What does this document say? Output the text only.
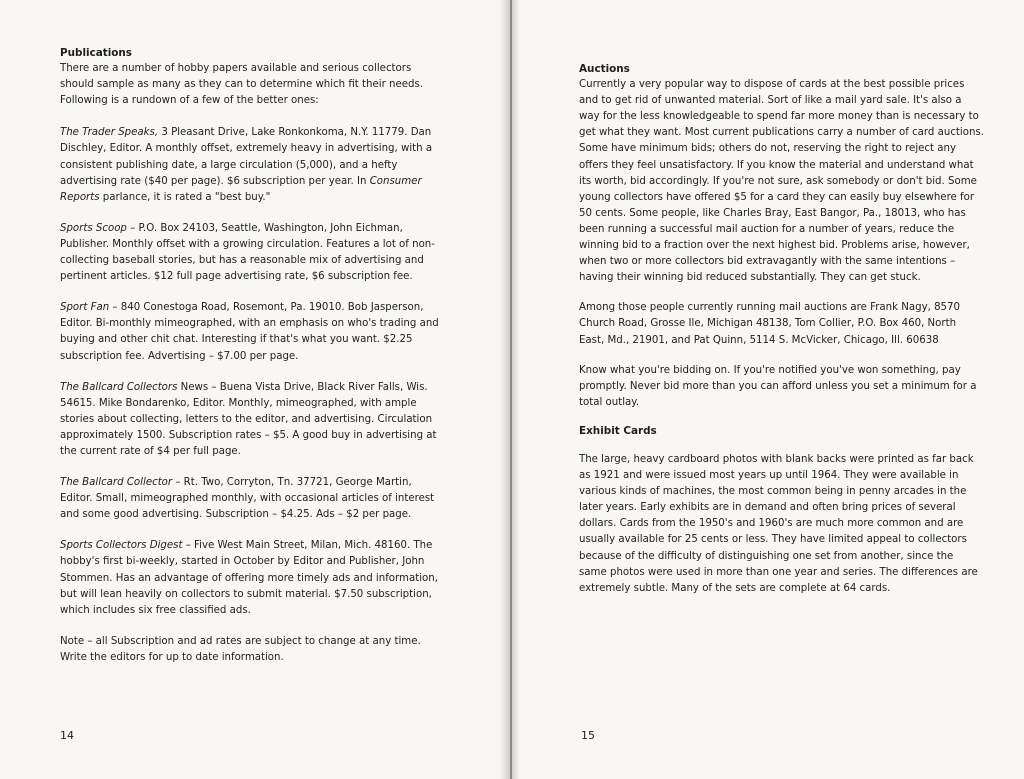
Publications

There are a number of hobby papers available and serious collectors should sample as many as they can to determine which fit their needs. Following is a rundown of a few of the better ones:

The Trader Speaks, 3 Pleasant Drive, Lake Ronkonkoma, N.Y. 11779. Dan Dischley, Editor. A monthly offset, extremely heavy in advertising, with a consistent publishing date, a large circulation (5,000), and a hefty advertising rate ($40 per page). $6 subscription per year. In Consumer Reports parlance, it is rated a "best buy."

Sports Scoop – P.O. Box 24103, Seattle, Washington, John Eichman, Publisher. Monthly offset with a growing circulation. Features a lot of non-collecting baseball stories, but has a reasonable mix of advertising and pertinent articles. $12 full page advertising rate, $6 subscription fee.

Sport Fan – 840 Conestoga Road, Rosemont, Pa. 19010. Bob Jasperson, Editor. Bi-monthly mimeographed, with an emphasis on who's trading and buying and other chit chat. Interesting if that's what you want. $2.25 subscription fee. Advertising – $7.00 per page.

The Ballcard Collectors News – Buena Vista Drive, Black River Falls, Wis. 54615. Mike Bondarenko, Editor. Monthly, mimeographed, with ample stories about collecting, letters to the editor, and advertising. Circulation approximately 1500. Subscription rates – $5. A good buy in advertising at the current rate of $4 per full page.

The Ballcard Collector – Rt. Two, Corryton, Tn. 37721, George Martin, Editor. Small, mimeographed monthly, with occasional articles of interest and some good advertising. Subscription – $4.25. Ads – $2 per page.

Sports Collectors Digest – Five West Main Street, Milan, Mich. 48160. The hobby's first bi-weekly, started in October by Editor and Publisher, John Stommen. Has an advantage of offering more timely ads and information, but will lean heavily on collectors to submit material. $7.50 subscription, which includes six free classified ads.

Note – all Subscription and ad rates are subject to change at any time. Write the editors for up to date information.

14
Auctions

Currently a very popular way to dispose of cards at the best possible prices and to get rid of unwanted material. Sort of like a mail yard sale. It's also a way for the less knowledgeable to spend far more money than is necessary to get what they want. Most current publications carry a number of card auctions. Some have minimum bids; others do not, reserving the right to reject any offers they feel unsatisfactory. If you know the material and understand what its worth, bid accordingly. If you're not sure, ask somebody or don't bid. Some young collectors have offered $5 for a card they can easily buy elsewhere for 50 cents. Some people, like Charles Bray, East Bangor, Pa., 18013, who has been running a successful mail auction for a number of years, reduce the winning bid to a fraction over the next highest bid. Problems arise, however, when two or more collectors bid extravagantly with the same intentions – having their winning bid reduced substantially. They can get stuck.

Among those people currently running mail auctions are Frank Nagy, 8570 Church Road, Grosse Ile, Michigan 48138, Tom Collier, P.O. Box 460, North East, Md., 21901, and Pat Quinn, 5114 S. McVicker, Chicago, Ill. 60638

Know what you're bidding on. If you're notified you've won something, pay promptly. Never bid more than you can afford unless you set a minimum for a total outlay.

Exhibit Cards

The large, heavy cardboard photos with blank backs were printed as far back as 1921 and were issued most years up until 1964. They were available in various kinds of machines, the most common being in penny arcades in the later years. Early exhibits are in demand and often bring prices of several dollars. Cards from the 1950's and 1960's are much more common and are usually available for 25 cents or less. They have limited appeal to collectors because of the difficulty of distinguishing one set from another, since the same photos were used in more than one year and series. The differences are extremely subtle. Many of the sets are complete at 64 cards.

15
